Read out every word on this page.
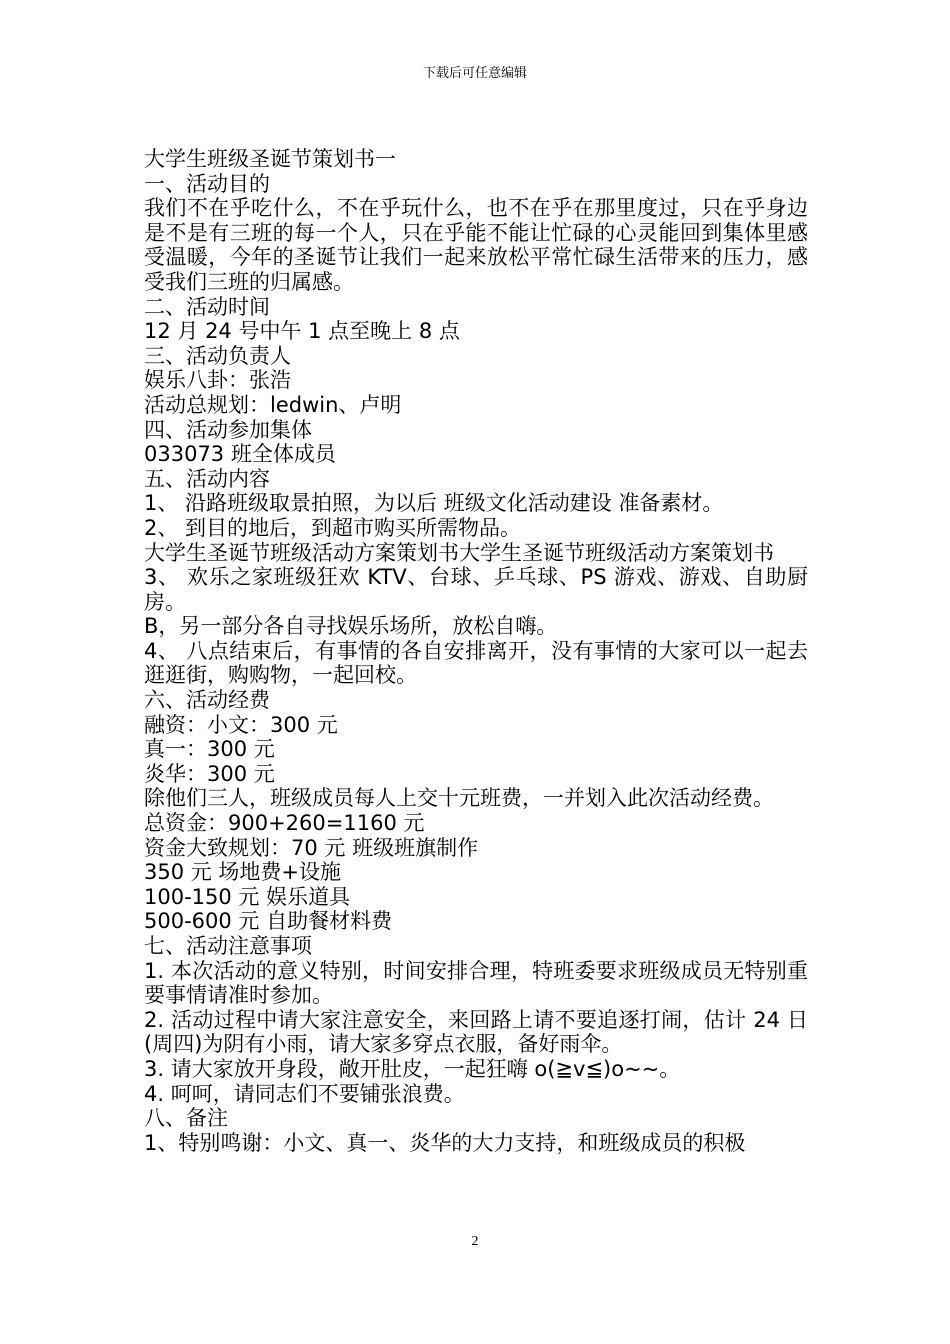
下载后可任意编辑

大学生班级圣诞节策划书一

一、活动目的

我们不在乎吃什么，不在乎玩什么，也不在乎在那里度过，只在乎身边是不是有三班的每一个人，只在乎能不能让忙碌的心灵能回到集体里感受温暖，今年的圣诞节让我们一起来放松平常忙碌生活带来的压力，感受我们三班的归属感。

二、活动时间

12 月 24 号中午 1 点至晚上 8 点

三、活动负责人

娱乐八卦：张浩

活动总规划：ledwin、卢明

四、活动参加集体

033073 班全体成员

五、活动内容

1、 沿路班级取景拍照，为以后 班级文化活动建设 准备素材。

2、 到目的地后，到超市购买所需物品。

大学生圣诞节班级活动方案策划书大学生圣诞节班级活动方案策划书

3、 欢乐之家班级狂欢 KTV、台球、乒乓球、PS 游戏、游戏、自助厨房。

B，另一部分各自寻找娱乐场所，放松自嗨。

4、 八点结束后，有事情的各自安排离开，没有事情的大家可以一起去逛逛街，购购物，一起回校。

六、活动经费

融资：小文：300 元

真一：300 元

炎华：300 元

除他们三人，班级成员每人上交十元班费，一并划入此次活动经费。

总资金：900+260=1160 元

资金大致规划：70 元 班级班旗制作

350 元 场地费+设施

100-150 元 娱乐道具

500-600 元 自助餐材料费

七、活动注意事项

1. 本次活动的意义特别，时间安排合理，特班委要求班级成员无特别重要事情请准时参加。

2. 活动过程中请大家注意安全，来回路上请不要追逐打闹，估计 24 日(周四)为阴有小雨，请大家多穿点衣服，备好雨伞。

3. 请大家放开身段，敞开肚皮，一起狂嗨 o(≧v≦)o~~。

4. 呵呵，请同志们不要铺张浪费。

八、备注

1、特别鸣谢：小文、真一、炎华的大力支持，和班级成员的积极

2
